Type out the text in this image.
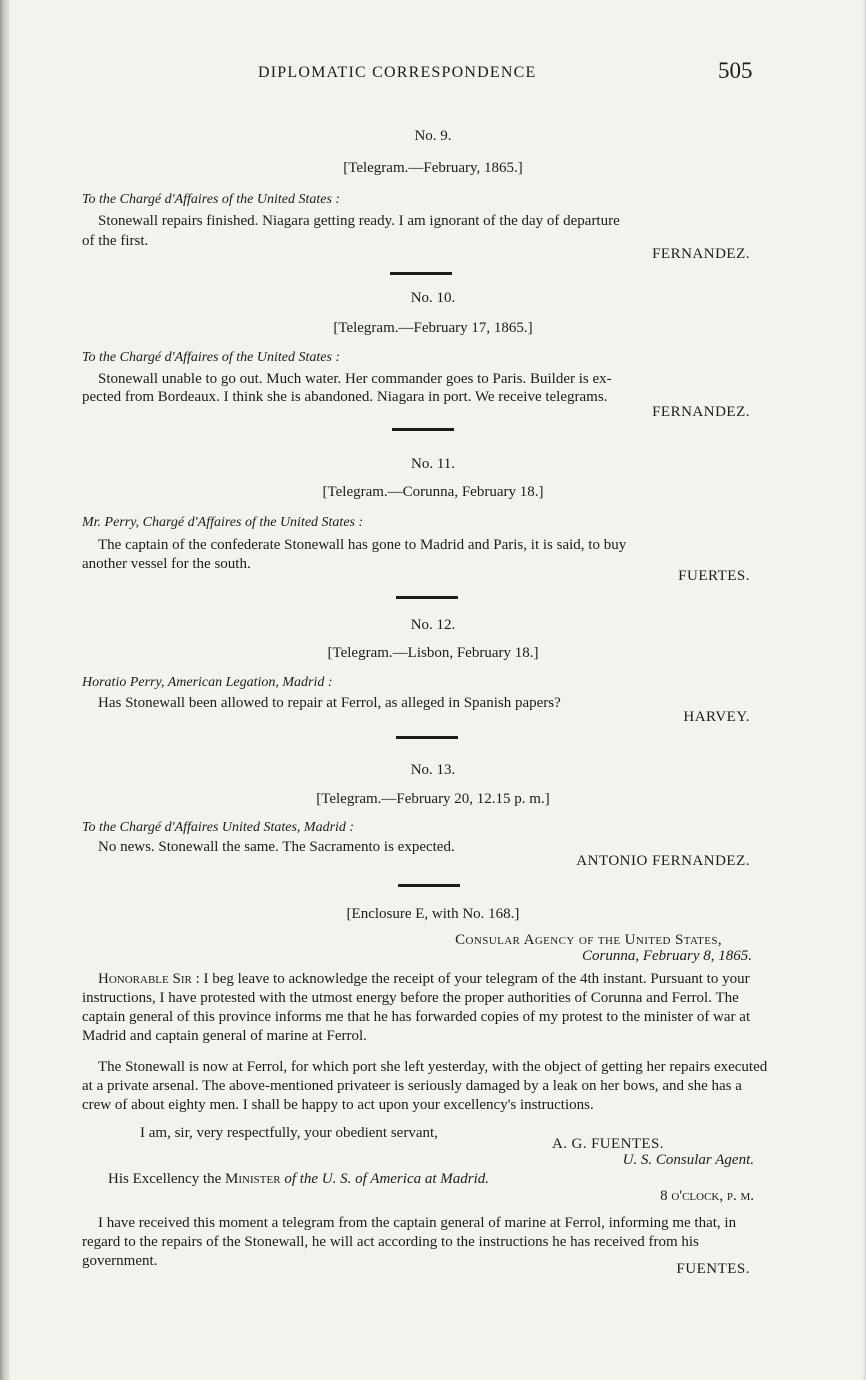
DIPLOMATIC CORRESPONDENCE	505
No. 9.
[Telegram.—February, 1865.]
To the Chargé d'Affaires of the United States :
Stonewall repairs finished. Niagara getting ready. I am ignorant of the day of departure
of the first.
FERNANDEZ.
No. 10.
[Telegram.—February 17, 1865.]
To the Chargé d'Affaires of the United States :
Stonewall unable to go out. Much water. Her commander goes to Paris. Builder is ex-
pected from Bordeaux. I think she is abandoned. Niagara in port. We receive telegrams.
FERNANDEZ.
No. 11.
[Telegram.—Corunna, February 18.]
Mr. Perry, Chargé d'Affaires of the United States :
The captain of the confederate Stonewall has gone to Madrid and Paris, it is said, to buy
another vessel for the south.
FUERTES.
No. 12.
[Telegram.—Lisbon, February 18.]
Horatio Perry, American Legation, Madrid :
Has Stonewall been allowed to repair at Ferrol, as alleged in Spanish papers?
HARVEY.
No. 13.
[Telegram.—February 20, 12.15 p. m.]
To the Chargé d'Affaires United States, Madrid :
No news. Stonewall the same. The Sacramento is expected.
ANTONIO FERNANDEZ.
[Enclosure E, with No. 168.]
Consular Agency of the United States,
Corunna, February 8, 1865.
Honorable Sir : I beg leave to acknowledge the receipt of your telegram of the 4th instant. Pursuant to your instructions, I have protested with the utmost energy before the proper authorities of Corunna and Ferrol. The captain general of this province informs me that he has forwarded copies of my protest to the minister of war at Madrid and captain general of marine at Ferrol.
The Stonewall is now at Ferrol, for which port she left yesterday, with the object of getting her repairs executed at a private arsenal. The above-mentioned privateer is seriously damaged by a leak on her bows, and she has a crew of about eighty men. I shall be happy to act upon your excellency's instructions.
I am, sir, very respectfully, your obedient servant,
A. G. FUENTES.
U. S. Consular Agent.
His Excellency the Minister of the U. S. of America at Madrid.
8 o'clock, p. m.
I have received this moment a telegram from the captain general of marine at Ferrol, informing me that, in regard to the repairs of the Stonewall, he will act according to the instructions he has received from his government.	FUENTES.
